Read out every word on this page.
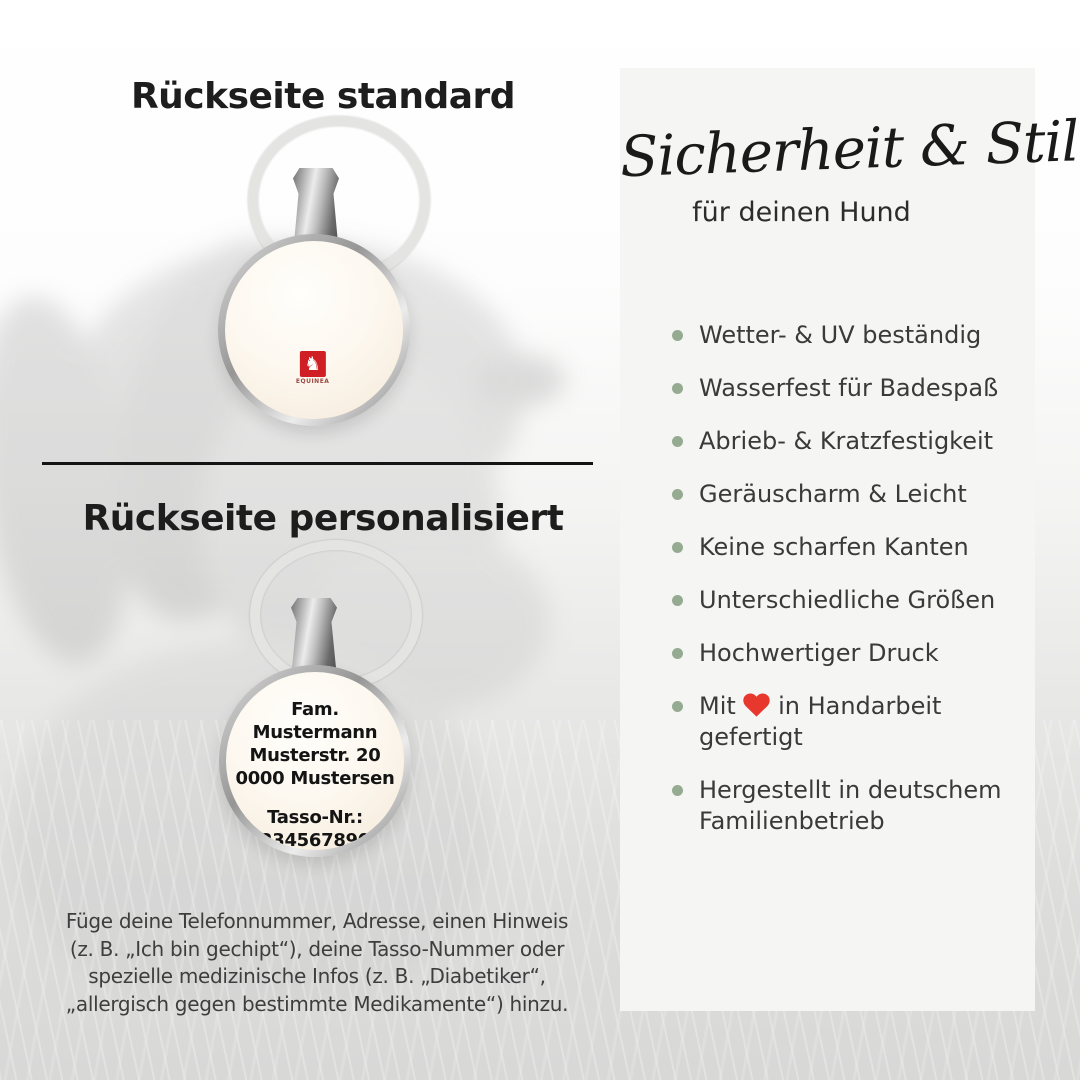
Rückseite standard
♞
EQUINEA
Rückseite personalisiert
Fam.
Mustermann
Musterstr. 20
0000 Mustersen
Tasso-Nr.:
12345678901
Füge deine Telefonnummer, Adresse, einen Hinweis
(z. B. „Ich bin gechipt“), deine Tasso-Nummer oder
spezielle medizinische Infos (z. B. „Diabetiker“,
„allergisch gegen bestimmte Medikamente“) hinzu.
Sicherheit & Stil
für deinen Hund
Wetter- & UV beständig
Wasserfest für Badespaß
Abrieb- & Kratzfestigkeit
Geräuscharm & Leicht
Keine scharfen Kanten
Unterschiedliche Größen
Hochwertiger Druck
Mit in Handarbeit gefertigt
Hergestellt in deutschem Familienbetrieb
